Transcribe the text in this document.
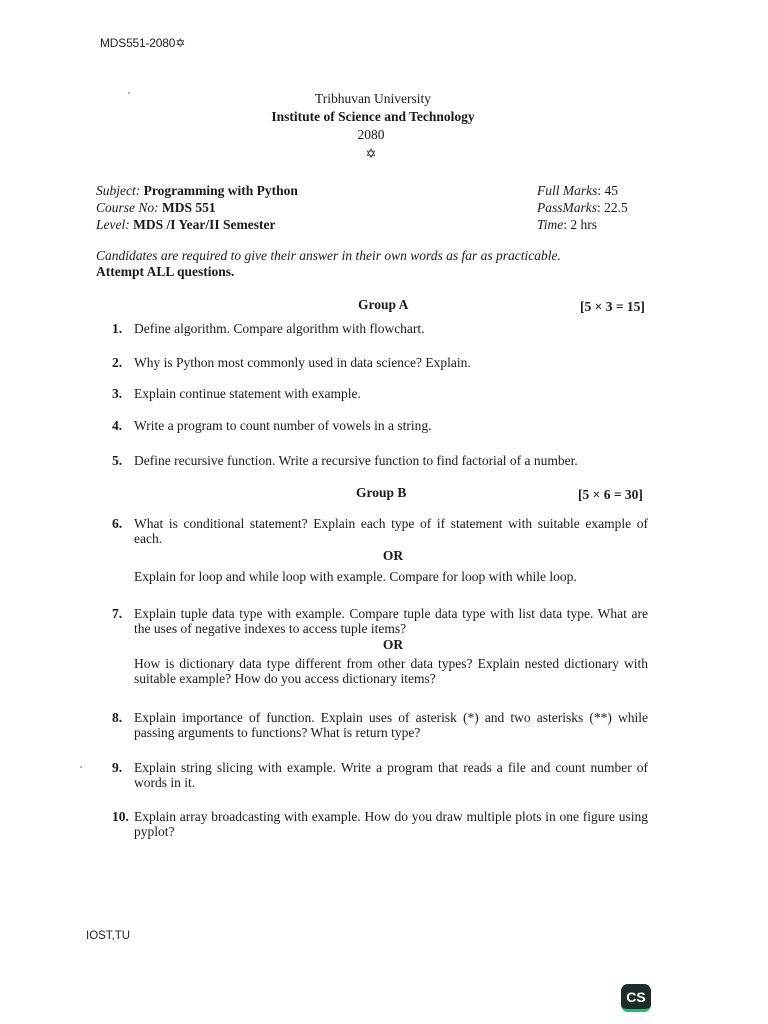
MDS551-2080✡
Tribhuvan University
Institute of Science and Technology
2080
✡
Subject: Programming with Python
Course No: MDS 551
Level: MDS /I Year/II Semester
Full Marks: 45
PassMarks: 22.5
Time: 2 hrs
Candidates are required to give their answer in their own words as far as practicable.
Attempt ALL questions.
Group A	[5 × 3 = 15]
1. Define algorithm. Compare algorithm with flowchart.
2. Why is Python most commonly used in data science? Explain.
3. Explain continue statement with example.
4. Write a program to count number of vowels in a string.
5. Define recursive function. Write a recursive function to find factorial of a number.
Group B	[5 × 6 = 30]
6. What is conditional statement? Explain each type of if statement with suitable example of each.
OR
Explain for loop and while loop with example. Compare for loop with while loop.
7. Explain tuple data type with example. Compare tuple data type with list data type. What are the uses of negative indexes to access tuple items?
OR
How is dictionary data type different from other data types? Explain nested dictionary with suitable example? How do you access dictionary items?
8. Explain importance of function. Explain uses of asterisk (*) and two asterisks (**) while passing arguments to functions? What is return type?
9. Explain string slicing with example. Write a program that reads a file and count number of words in it.
10. Explain array broadcasting with example. How do you draw multiple plots in one figure using pyplot?
IOST,TU
CS
